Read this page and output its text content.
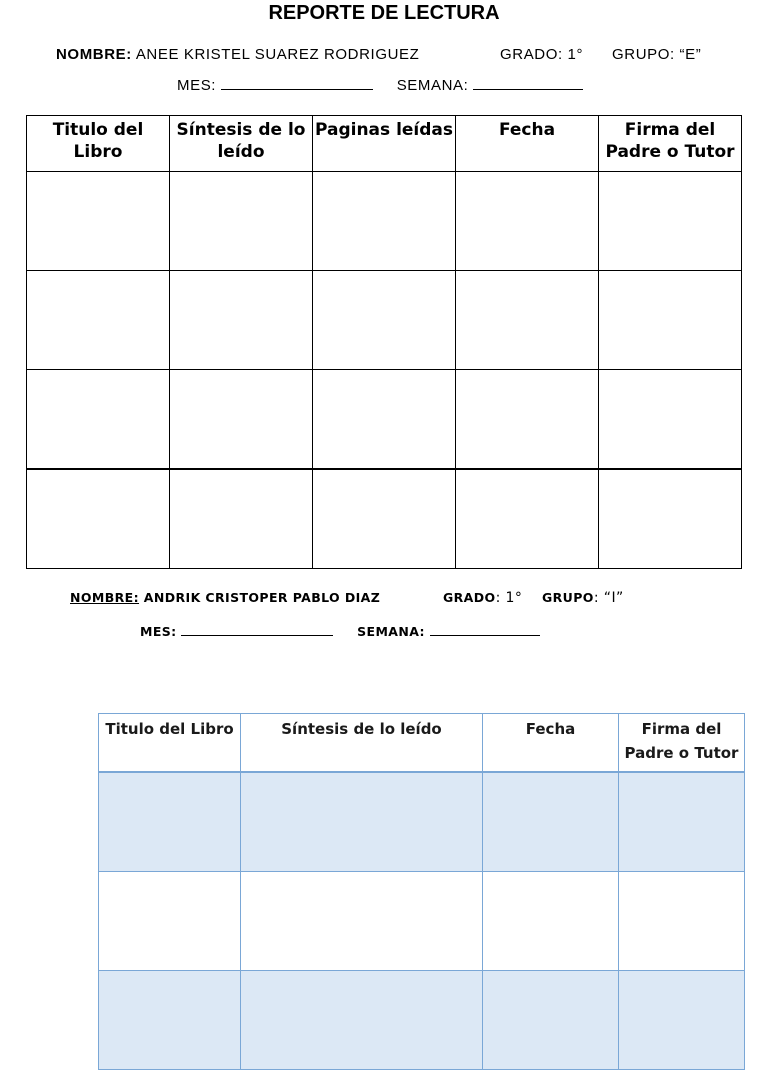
REPORTE DE LECTURA
NOMBRE: ANEE KRISTEL SUAREZ RODRIGUEZ	GRADO: 1° GRUPO: “E”
MES:	SEMANA:
Titulo del Libro	Síntesis de lo leído	Paginas leídas	Fecha	Firma del Padre o Tutor

NOMBRE: ANDRIK CRISTOPER PABLO DIAZ	GRADO: 1° GRUPO: “I”
MES:	SEMANA:
Titulo del Libro	Síntesis de lo leído	Fecha	Firma del Padre o Tutor
